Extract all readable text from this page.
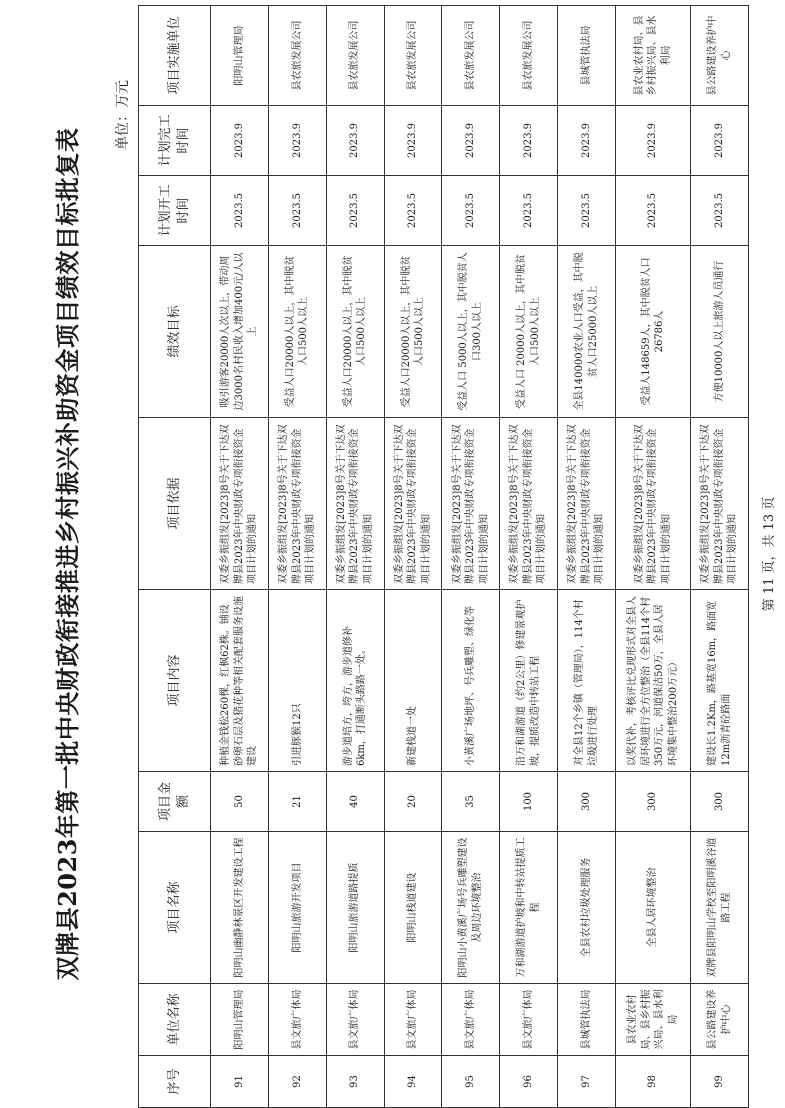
双牌县2023年第一批中央财政衔接推进乡村振兴补助资金项目绩效目标批复表
单位：万元
序号	单位名称	项目名称	项目金额	项目内容	项目依据	绩效目标	计划开工时间	计划完工时间	项目实施单位
91	阳明山管理局	阳明山幽静林景区开发建设工程	50	种植金钱松260棵，红枫62株。铺设砂卵石层及猪花种等相关配套服务设施建设	双委乡振组发[2023]8号关于下达双牌县2023年中央财政专项衔接资金项目计划的通知	吸引游客20000人次以上，带动周边3000名村民收入增加400元/人以上	2023.5	2023.9	阳明山管理局
92	县文旅广体局	阳明山旅游开发项目	21	引进豚猴12只	双委乡振组发[2023]8号关于下达双牌县2023年中央财政专项衔接资金项目计划的通知	受益人口20000人以上，其中脱贫人口500人以上	2023.5	2023.9	县农旅发展公司
93	县文旅广体局	阳明山旅游道路提质	40	游步道培方，垮方，游步道修补6km，打通断头路路一处。	双委乡振组发[2023]8号关于下达双牌县2023年中央财政专项衔接资金项目计划的通知	受益人口20000人以上，其中脱贫人口500人以上	2023.5	2023.9	县农旅发展公司
94	县文旅广体局	阳明山栈道建设	20	新建栈道一处	双委乡振组发[2023]8号关于下达双牌县2023年中央财政专项衔接资金项目计划的通知	受益人口20000人以上，其中脱贫人口500人以上	2023.5	2023.9	县农旅发展公司
95	县文旅广体局	阳明山小黄溪广场号兵雕塑建设及周边环境整治	35	小黄溪广场地坪、号兵雕塑、绿化等	双委乡振组发[2023]8号关于下达双牌县2023年中央财政专项衔接资金项目计划的通知	受益人口 5000人以上，其中脱贫人口300人以上	2023.5	2023.9	县农旅发展公司
96	县文旅广体局	万和湖游道护坡和中转站提质工程	100	沿万和湖游道（约2公里）修建景观护坡，提质改造中转站工程	双委乡振组发[2023]8号关于下达双牌县2023年中央财政专项衔接资金项目计划的通知	受益人口 20000人以上，其中脱贫人口500人以上	2023.5	2023.9	县农旅发展公司
97	县城管执法局	全县农村垃圾处理服务	300	对全县12个乡镇（管理局），114个村垃圾进行处理	双委乡振组发[2023]8号关于下达双牌县2023年中央财政专项衔接资金项目计划的通知	全县140000农业人口受益，其中脱贫人口25000人以上	2023.5	2023.9	县城管执法局
98	县农业农村局、县乡村振兴局、县水利局	全县人居环境整治	300	以奖代补，考核评比兑现形式对全县人居环境进行全方位整治（全县114个村350万元，河道保洁50万，全县人居环境集中整治200万元）	双委乡振组发[2023]8号关于下达双牌县2023年中央财政专项衔接资金项目计划的通知	受益人148659人，其中脱贫人口26786人	2023.5	2023.9	县农业农村局、县乡村振兴局、县水利局
99	县公路建设养护中心	双牌县阳明山学校至阳明溪谷道路工程	300	建设长1.2Km，路基宽16m，路面宽12m沥青砼路面	双委乡振组发[2023]8号关于下达双牌县2023年中央财政专项衔接资金项目计划的通知	方便10000人以上旅游人员通行	2023.5	2023.9	县公路建设养护中心
第 11 页，共 13 页
